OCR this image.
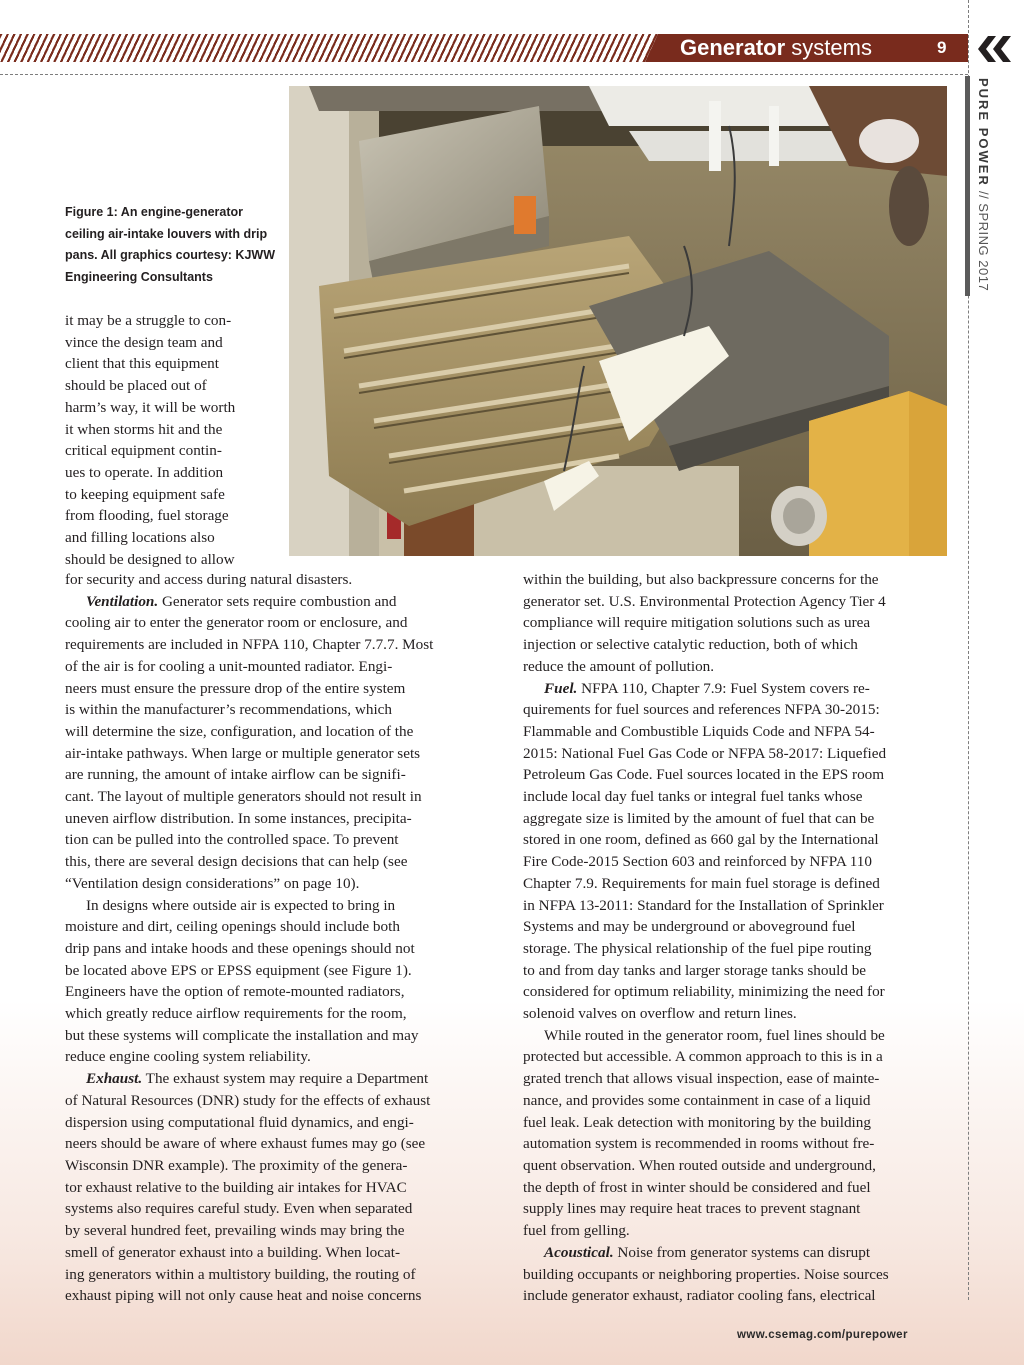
Generator systems	9
PURE POWER // SPRING 2017
Figure 1: An engine-generator
ceiling air-intake louvers with drip
pans. All graphics courtesy: KJWW
Engineering Consultants
it may be a struggle to con-
vince the design team and
client that this equipment
should be placed out of
harm’s way, it will be worth
it when storms hit and the
critical equipment contin-
ues to operate. In addition
to keeping equipment safe
from flooding, fuel storage
and filling locations also
should be designed to allow
for security and access during natural disasters.
Ventilation. Generator sets require combustion and
cooling air to enter the generator room or enclosure, and
requirements are included in NFPA 110, Chapter 7.7.7. Most
of the air is for cooling a unit-mounted radiator. Engi-
neers must ensure the pressure drop of the entire system
is within the manufacturer’s recommendations, which
will determine the size, configuration, and location of the
air-intake pathways. When large or multiple generator sets
are running, the amount of intake airflow can be signifi-
cant. The layout of multiple generators should not result in
uneven airflow distribution. In some instances, precipita-
tion can be pulled into the controlled space. To prevent
this, there are several design decisions that can help (see
“Ventilation design considerations” on page 10).
In designs where outside air is expected to bring in
moisture and dirt, ceiling openings should include both
drip pans and intake hoods and these openings should not
be located above EPS or EPSS equipment (see Figure 1).
Engineers have the option of remote-mounted radiators,
which greatly reduce airflow requirements for the room,
but these systems will complicate the installation and may
reduce engine cooling system reliability.
Exhaust. The exhaust system may require a Department
of Natural Resources (DNR) study for the effects of exhaust
dispersion using computational fluid dynamics, and engi-
neers should be aware of where exhaust fumes may go (see
Wisconsin DNR example). The proximity of the genera-
tor exhaust relative to the building air intakes for HVAC
systems also requires careful study. Even when separated
by several hundred feet, prevailing winds may bring the
smell of generator exhaust into a building. When locat-
ing generators within a multistory building, the routing of
exhaust piping will not only cause heat and noise concerns
within the building, but also backpressure concerns for the
generator set. U.S. Environmental Protection Agency Tier 4
compliance will require mitigation solutions such as urea
injection or selective catalytic reduction, both of which
reduce the amount of pollution.
Fuel. NFPA 110, Chapter 7.9: Fuel System covers re-
quirements for fuel sources and references NFPA 30-2015:
Flammable and Combustible Liquids Code and NFPA 54-
2015: National Fuel Gas Code or NFPA 58-2017: Liquefied
Petroleum Gas Code. Fuel sources located in the EPS room
include local day fuel tanks or integral fuel tanks whose
aggregate size is limited by the amount of fuel that can be
stored in one room, defined as 660 gal by the International
Fire Code-2015 Section 603 and reinforced by NFPA 110
Chapter 7.9. Requirements for main fuel storage is defined
in NFPA 13-2011: Standard for the Installation of Sprinkler
Systems and may be underground or aboveground fuel
storage. The physical relationship of the fuel pipe routing
to and from day tanks and larger storage tanks should be
considered for optimum reliability, minimizing the need for
solenoid valves on overflow and return lines.
While routed in the generator room, fuel lines should be
protected but accessible. A common approach to this is in a
grated trench that allows visual inspection, ease of mainte-
nance, and provides some containment in case of a liquid
fuel leak. Leak detection with monitoring by the building
automation system is recommended in rooms without fre-
quent observation. When routed outside and underground,
the depth of frost in winter should be considered and fuel
supply lines may require heat traces to prevent stagnant
fuel from gelling.
Acoustical. Noise from generator systems can disrupt
building occupants or neighboring properties. Noise sources
include generator exhaust, radiator cooling fans, electrical
www.csemag.com/purepower
